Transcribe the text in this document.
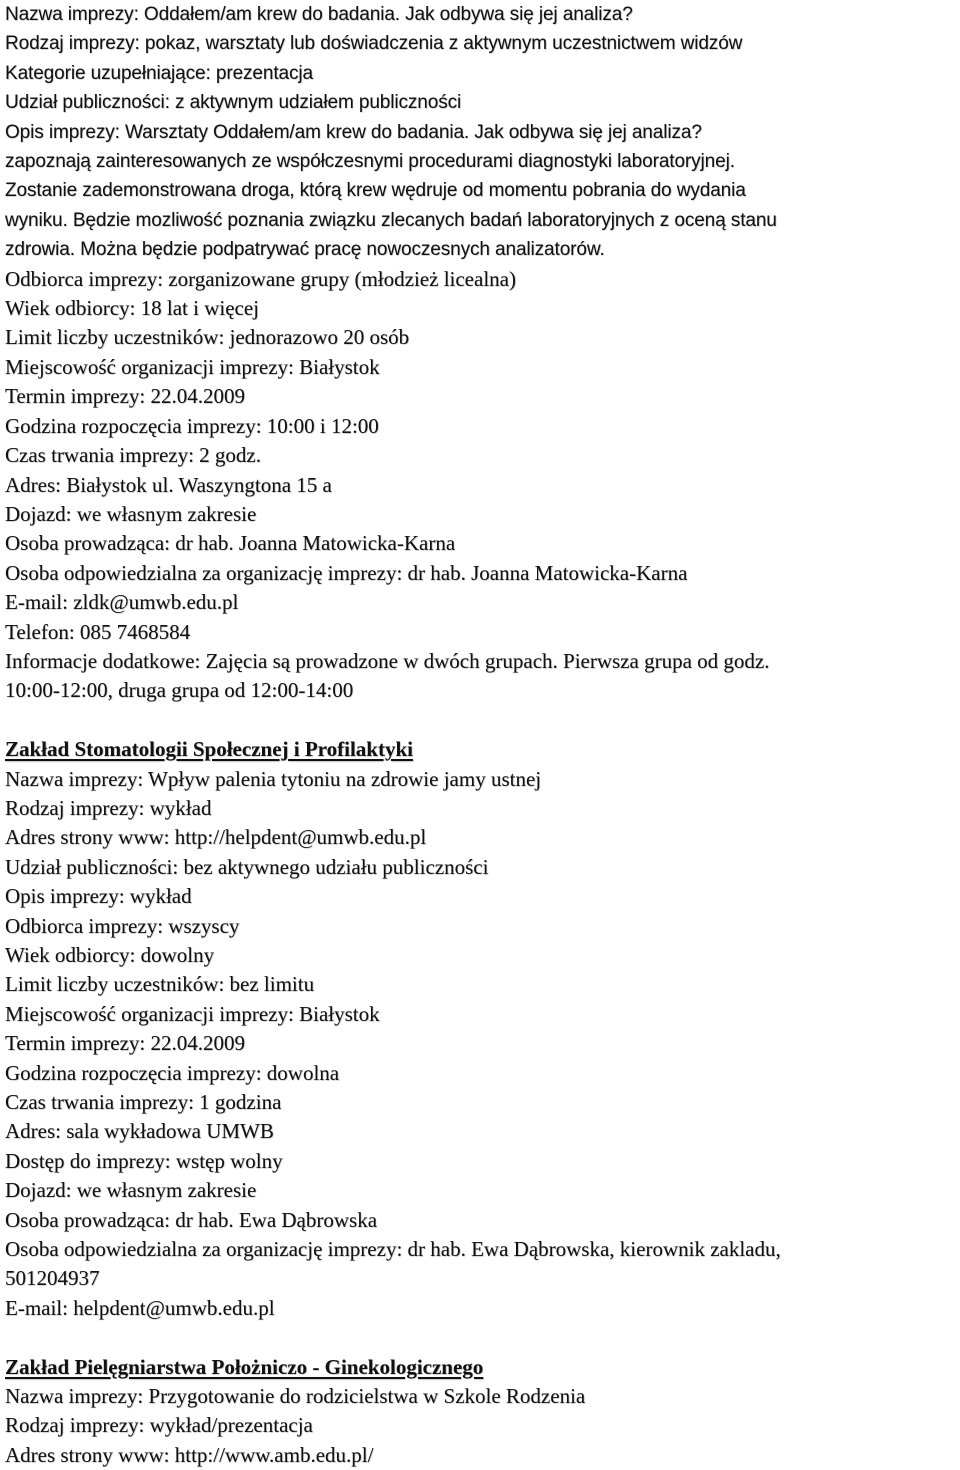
Nazwa imprezy: Oddałem/am krew do badania. Jak odbywa się jej analiza?
Rodzaj imprezy: pokaz, warsztaty lub doświadczenia z aktywnym uczestnictwem widzów
Kategorie uzupełniające: prezentacja
Udział publiczności: z aktywnym udziałem publiczności
Opis imprezy: Warsztaty Oddałem/am krew do badania. Jak odbywa się jej analiza?
zapoznają zainteresowanych ze współczesnymi procedurami diagnostyki laboratoryjnej.
Zostanie zademonstrowana droga, którą krew wędruje od momentu pobrania do wydania
wyniku. Będzie mozliwość poznania związku zlecanych badań laboratoryjnych z oceną stanu
zdrowia. Można będzie podpatrywać pracę nowoczesnych analizatorów.
Odbiorca imprezy: zorganizowane grupy (młodzież licealna)
Wiek odbiorcy: 18 lat i więcej
Limit liczby uczestników: jednorazowo 20 osób
Miejscowość organizacji imprezy: Białystok
Termin imprezy: 22.04.2009
Godzina rozpoczęcia imprezy: 10:00 i 12:00
Czas trwania imprezy: 2 godz.
Adres: Białystok ul. Waszyngtona 15 a
Dojazd: we własnym zakresie
Osoba prowadząca: dr hab. Joanna Matowicka-Karna
Osoba odpowiedzialna za organizację imprezy: dr hab. Joanna Matowicka-Karna
E-mail: zldk@umwb.edu.pl
Telefon: 085 7468584
Informacje dodatkowe: Zajęcia są prowadzone w dwóch grupach. Pierwsza grupa od godz.
10:00-12:00, druga grupa od 12:00-14:00
Zakład Stomatologii Społecznej i Profilaktyki
Nazwa imprezy: Wpływ palenia tytoniu na zdrowie jamy ustnej
Rodzaj imprezy: wykład
Adres strony www: http://helpdent@umwb.edu.pl
Udział publiczności: bez aktywnego udziału publiczności
Opis imprezy: wykład
Odbiorca imprezy: wszyscy
Wiek odbiorcy: dowolny
Limit liczby uczestników: bez limitu
Miejscowość organizacji imprezy: Białystok
Termin imprezy: 22.04.2009
Godzina rozpoczęcia imprezy: dowolna
Czas trwania imprezy: 1 godzina
Adres: sala wykładowa UMWB
Dostęp do imprezy: wstęp wolny
Dojazd: we własnym zakresie
Osoba prowadząca: dr hab. Ewa Dąbrowska
Osoba odpowiedzialna za organizację imprezy: dr hab. Ewa Dąbrowska, kierownik zakladu,
501204937
E-mail: helpdent@umwb.edu.pl
Zakład Pielęgniarstwa Położniczo - Ginekologicznego
Nazwa imprezy: Przygotowanie do rodzicielstwa w Szkole Rodzenia
Rodzaj imprezy: wykład/prezentacja
Adres strony www: http://www.amb.edu.pl/
